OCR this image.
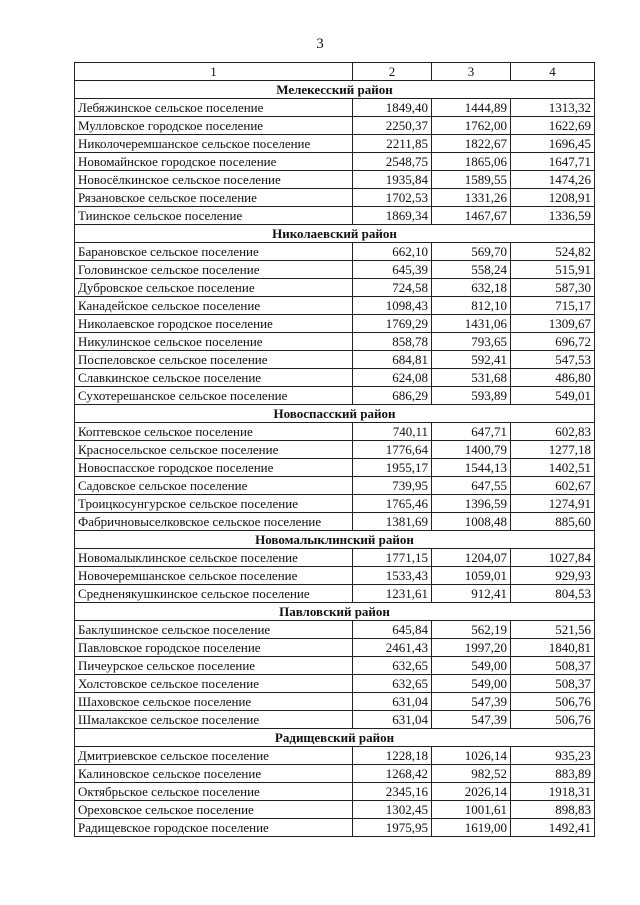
3
1	2	3	4
Мелекесский район			
Лебяжинское сельское поселение	1849,40	1444,89	1313,32
Мулловское городское поселение	2250,37	1762,00	1622,69
Николочеремшанское сельское поселение	2211,85	1822,67	1696,45
Новомайнское городское поселение	2548,75	1865,06	1647,71
Новосёлкинское сельское поселение	1935,84	1589,55	1474,26
Рязановское сельское поселение	1702,53	1331,26	1208,91
Тиинское сельское поселение	1869,34	1467,67	1336,59
Николаевский район			
Барановское сельское поселение	662,10	569,70	524,82
Головинское сельское поселение	645,39	558,24	515,91
Дубровское сельское поселение	724,58	632,18	587,30
Канадейское сельское поселение	1098,43	812,10	715,17
Николаевское городское поселение	1769,29	1431,06	1309,67
Никулинское сельское поселение	858,78	793,65	696,72
Поспеловское сельское поселение	684,81	592,41	547,53
Славкинское сельское поселение	624,08	531,68	486,80
Сухотерешанское сельское поселение	686,29	593,89	549,01
Новоспасский район			
Коптевское сельское поселение	740,11	647,71	602,83
Красносельское сельское поселение	1776,64	1400,79	1277,18
Новоспасское городское поселение	1955,17	1544,13	1402,51
Садовское сельское поселение	739,95	647,55	602,67
Троицкосунгурское сельское поселение	1765,46	1396,59	1274,91
Фабричновыселковское сельское поселение	1381,69	1008,48	885,60
Новомалыклинский район			
Новомалыклинское сельское поселение	1771,15	1204,07	1027,84
Новочеремшанское сельское поселение	1533,43	1059,01	929,93
Средненякушкинское сельское поселение	1231,61	912,41	804,53
Павловский район			
Баклушинское сельское поселение	645,84	562,19	521,56
Павловское городское поселение	2461,43	1997,20	1840,81
Пичеурское сельское поселение	632,65	549,00	508,37
Холстовское сельское поселение	632,65	549,00	508,37
Шаховское сельское поселение	631,04	547,39	506,76
Шмалакское сельское поселение	631,04	547,39	506,76
Радищевский район			
Дмитриевское сельское поселение	1228,18	1026,14	935,23
Калиновское сельское поселение	1268,42	982,52	883,89
Октябрьское сельское поселение	2345,16	2026,14	1918,31
Ореховское сельское поселение	1302,45	1001,61	898,83
Радищевское городское поселение	1975,95	1619,00	1492,41
